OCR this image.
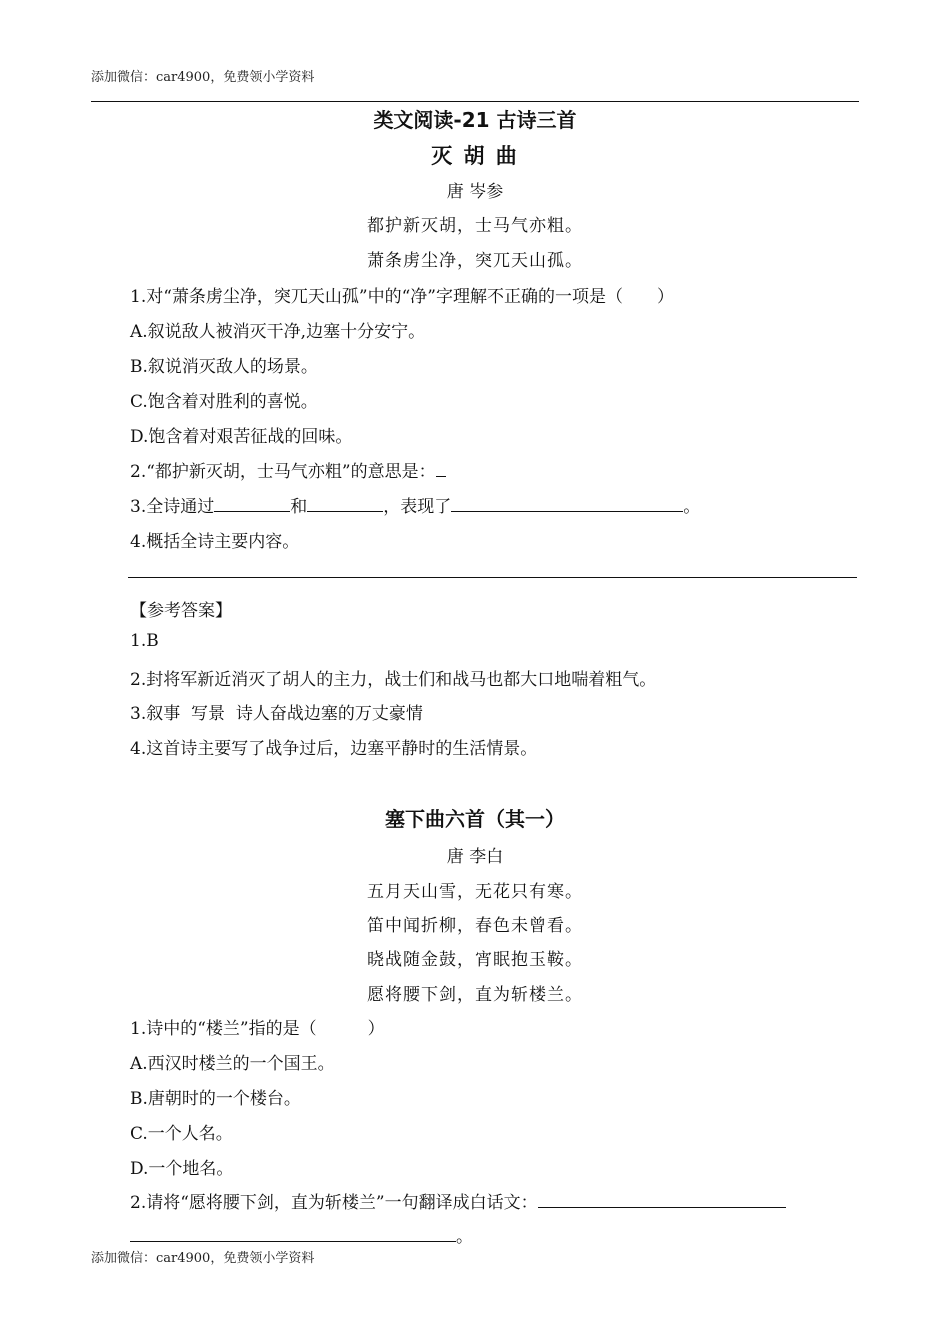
添加微信：car4900，免费领小学资料
类文阅读-21 古诗三首
灭 胡 曲
唐 岑参
都护新灭胡，士马气亦粗。
萧条虏尘净，突兀天山孤。
1.对“萧条虏尘净，突兀天山孤”中的“净”字理解不正确的一项是（　　）
A.叙说敌人被消灭干净,边塞十分安宁。
B.叙说消灭敌人的场景。
C.饱含着对胜利的喜悦。
D.饱含着对艰苦征战的回味。
2.“都护新灭胡，士马气亦粗”的意思是：
3.全诗通过	和	，表现了	。
4.概括全诗主要内容。
【参考答案】
1.B
2.封将军新近消灭了胡人的主力，战士们和战马也都大口地喘着粗气。
3.叙事  写景  诗人奋战边塞的万丈豪情
4.这首诗主要写了战争过后，边塞平静时的生活情景。
塞下曲六首（其一）
唐 李白
五月天山雪，无花只有寒。
笛中闻折柳，春色未曾看。
晓战随金鼓，宵眠抱玉鞍。
愿将腰下剑，直为斩楼兰。
1.诗中的“楼兰”指的是（　　　）
A.西汉时楼兰的一个国王。
B.唐朝时的一个楼台。
C.一个人名。
D.一个地名。
2.请将“愿将腰下剑，直为斩楼兰”一句翻译成白话文：
。
添加微信：car4900，免费领小学资料
